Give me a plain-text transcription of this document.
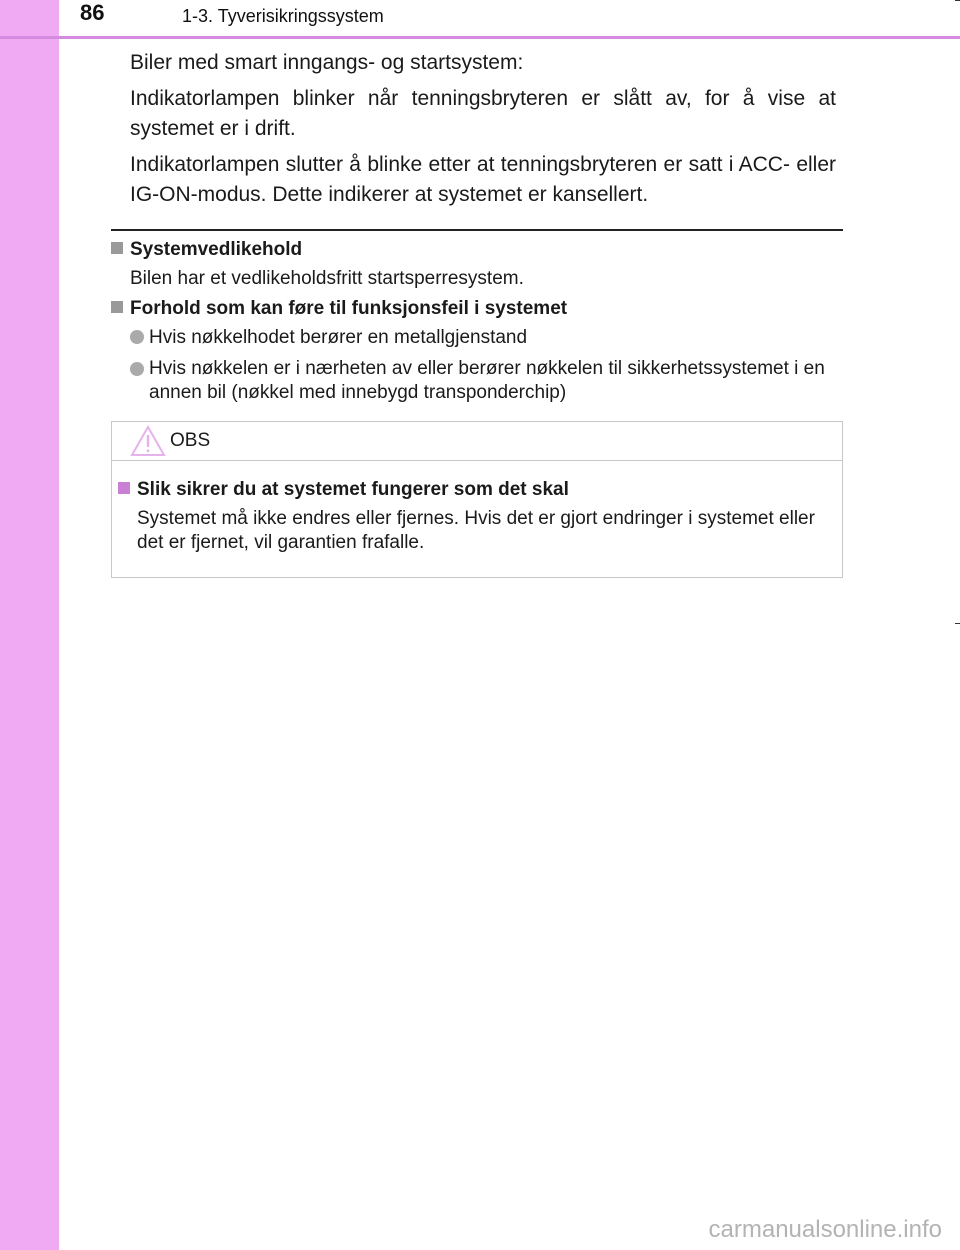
86	1-3. Tyverisikringssystem
Biler med smart inngangs- og startsystem:
Indikatorlampen blinker når tenningsbryteren er slått av, for å vise at systemet er i drift.
Indikatorlampen slutter å blinke etter at tenningsbryteren er satt i ACC- eller IG-ON-modus. Dette indikerer at systemet er kansellert.
Systemvedlikehold
Bilen har et vedlikeholdsfritt startsperresystem.
Forhold som kan føre til funksjonsfeil i systemet
Hvis nøkkelhodet berører en metallgjenstand
Hvis nøkkelen er i nærheten av eller berører nøkkelen til sikkerhetssystemet i en annen bil (nøkkel med innebygd transponderchip)
OBS
Slik sikrer du at systemet fungerer som det skal
Systemet må ikke endres eller fjernes. Hvis det er gjort endringer i systemet eller det er fjernet, vil garantien frafalle.
carmanualsonline.info
